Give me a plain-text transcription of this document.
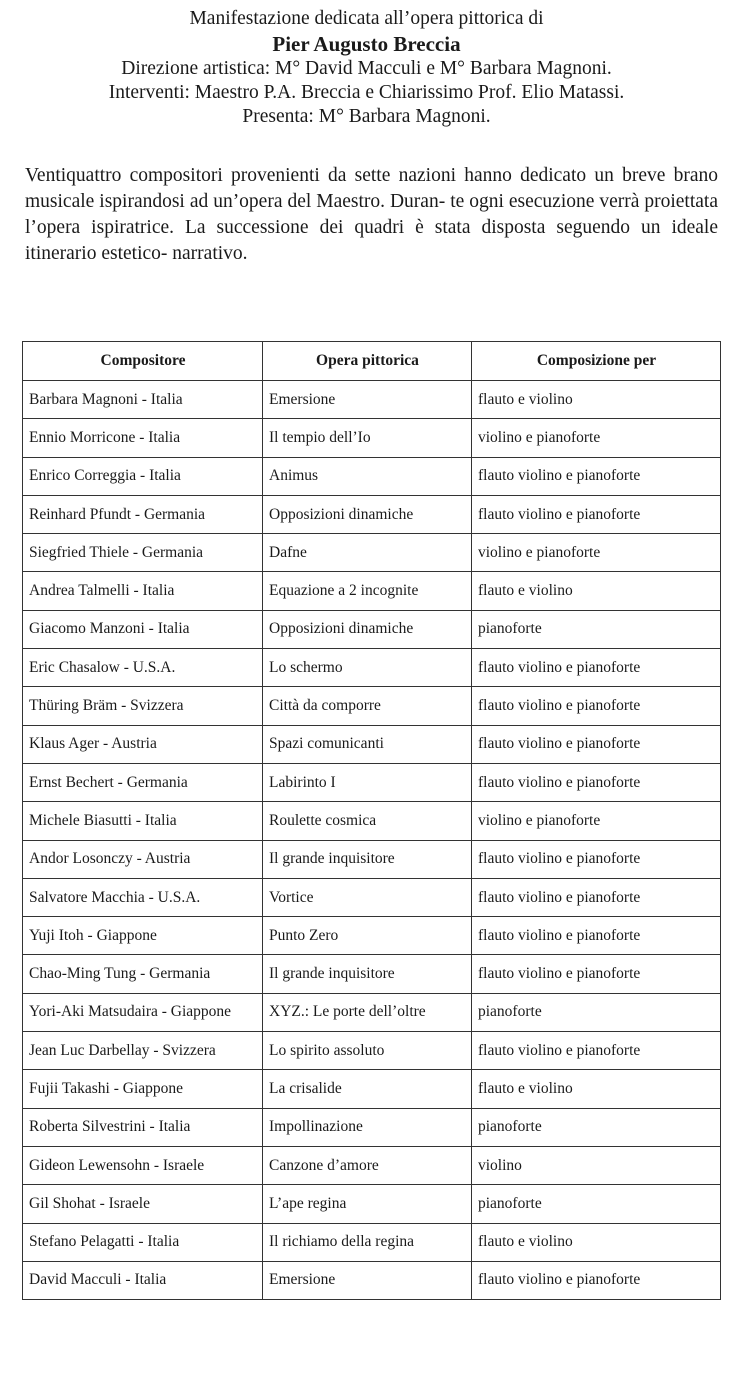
Manifestazione dedicata all’opera pittorica di
Pier Augusto Breccia
Direzione artistica: M° David Macculi e M° Barbara Magnoni.
Interventi: Maestro P.A. Breccia e Chiarissimo Prof. Elio Matassi.
Presenta: M° Barbara Magnoni.
Ventiquattro compositori provenienti da sette nazioni hanno dedicato un breve brano musicale ispirandosi ad un’opera del Maestro. Duran- te ogni esecuzione verrà proiettata l’opera ispiratrice. La successione dei quadri è stata disposta seguendo un ideale itinerario estetico- narrativo.
Compositore	Opera pittorica	Composizione per
Barbara Magnoni - Italia	Emersione	flauto e violino
Ennio Morricone - Italia	Il tempio dell’Io	violino e pianoforte
Enrico Correggia - Italia	Animus	flauto violino e pianoforte
Reinhard Pfundt - Germania	Opposizioni dinamiche	flauto violino e pianoforte
Siegfried Thiele - Germania	Dafne	violino e pianoforte
Andrea Talmelli - Italia	Equazione a 2 incognite	flauto e violino
Giacomo Manzoni - Italia	Opposizioni dinamiche	pianoforte
Eric Chasalow - U.S.A.	Lo schermo	flauto violino e pianoforte
Thüring Bräm - Svizzera	Città da comporre	flauto violino e pianoforte
Klaus Ager - Austria	Spazi comunicanti	flauto violino e pianoforte
Ernst Bechert - Germania	Labirinto I	flauto violino e pianoforte
Michele Biasutti - Italia	Roulette cosmica	violino e pianoforte
Andor Losonczy - Austria	Il grande inquisitore	flauto violino e pianoforte
Salvatore Macchia - U.S.A.	Vortice	flauto violino e pianoforte
Yuji Itoh - Giappone	Punto Zero	flauto violino e pianoforte
Chao-Ming Tung - Germania	Il grande inquisitore	flauto violino e pianoforte
Yori-Aki Matsudaira - Giappone	XYZ.: Le porte dell’oltre	pianoforte
Jean Luc Darbellay - Svizzera	Lo spirito assoluto	flauto violino e pianoforte
Fujii Takashi - Giappone	La crisalide	flauto e violino
Roberta Silvestrini - Italia	Impollinazione	pianoforte
Gideon Lewensohn - Israele	Canzone d’amore	violino
Gil Shohat - Israele	L’ape regina	pianoforte
Stefano Pelagatti - Italia	Il richiamo della regina	flauto e violino
David Macculi - Italia	Emersione	flauto violino e pianoforte
